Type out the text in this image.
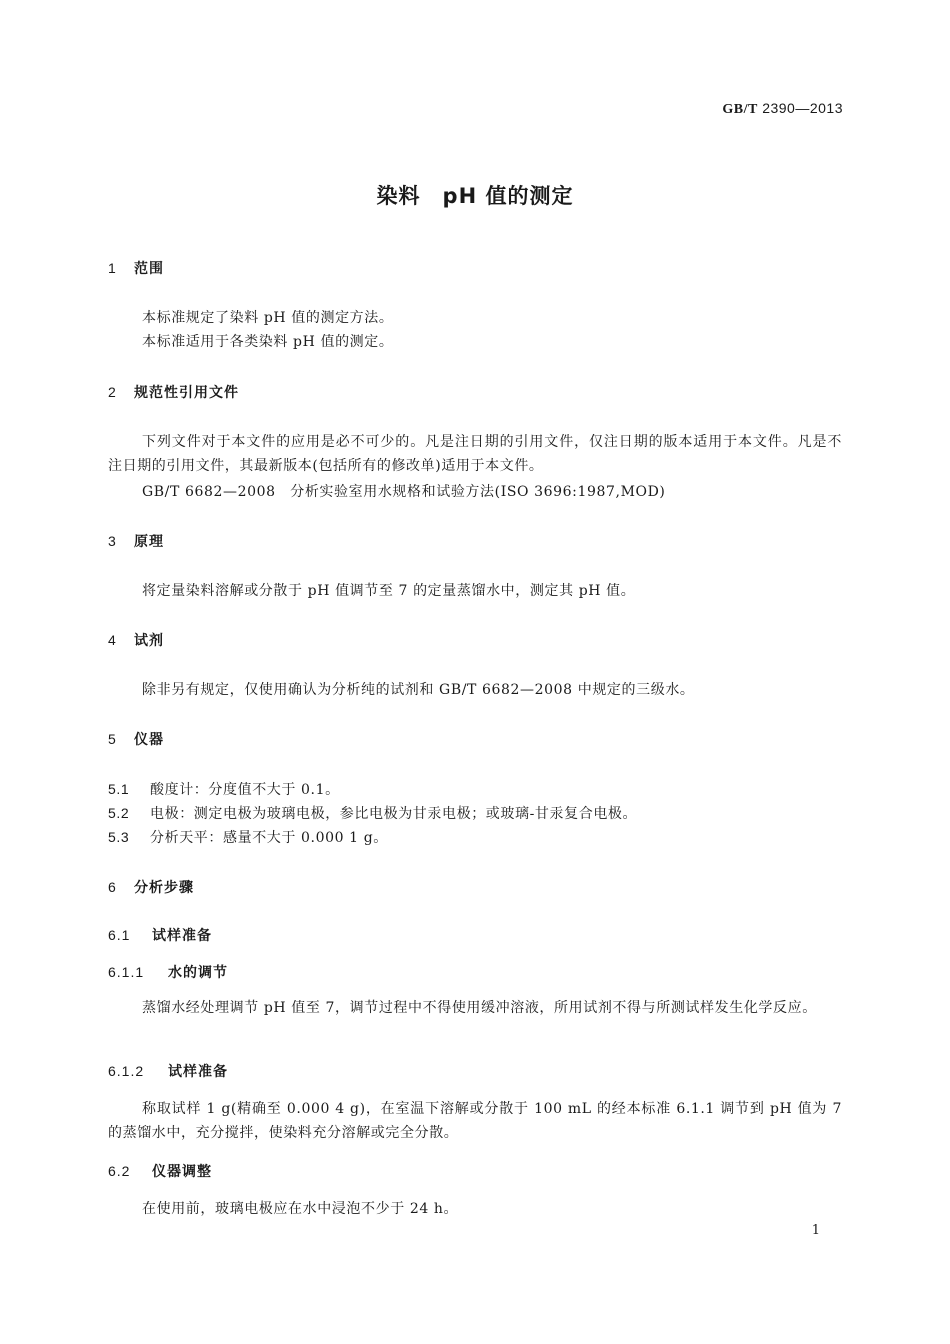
GB/T 2390—2013
染料　pH 值的测定
1 范围
本标准规定了染料 pH 值的测定方法。
本标准适用于各类染料 pH 值的测定。
2 规范性引用文件
下列文件对于本文件的应用是必不可少的。凡是注日期的引用文件，仅注日期的版本适用于本文件。凡是不注日期的引用文件，其最新版本(包括所有的修改单)适用于本文件。
GB/T 6682—2008　分析实验室用水规格和试验方法(ISO 3696:1987,MOD)
3 原理
将定量染料溶解或分散于 pH 值调节至 7 的定量蒸馏水中，测定其 pH 值。
4 试剂
除非另有规定，仅使用确认为分析纯的试剂和 GB/T 6682—2008 中规定的三级水。
5 仪器
5.1 酸度计：分度值不大于 0.1。
5.2 电极：测定电极为玻璃电极，参比电极为甘汞电极；或玻璃-甘汞复合电极。
5.3 分析天平：感量不大于 0.000 1 g。
6 分析步骤
6.1 试样准备
6.1.1 水的调节
蒸馏水经处理调节 pH 值至 7，调节过程中不得使用缓冲溶液，所用试剂不得与所测试样发生化学反应。
6.1.2 试样准备
称取试样 1 g(精确至 0.000 4 g)，在室温下溶解或分散于 100 mL 的经本标准 6.1.1 调节到 pH 值为 7 的蒸馏水中，充分搅拌，使染料充分溶解或完全分散。
6.2 仪器调整
在使用前，玻璃电极应在水中浸泡不少于 24 h。
1
